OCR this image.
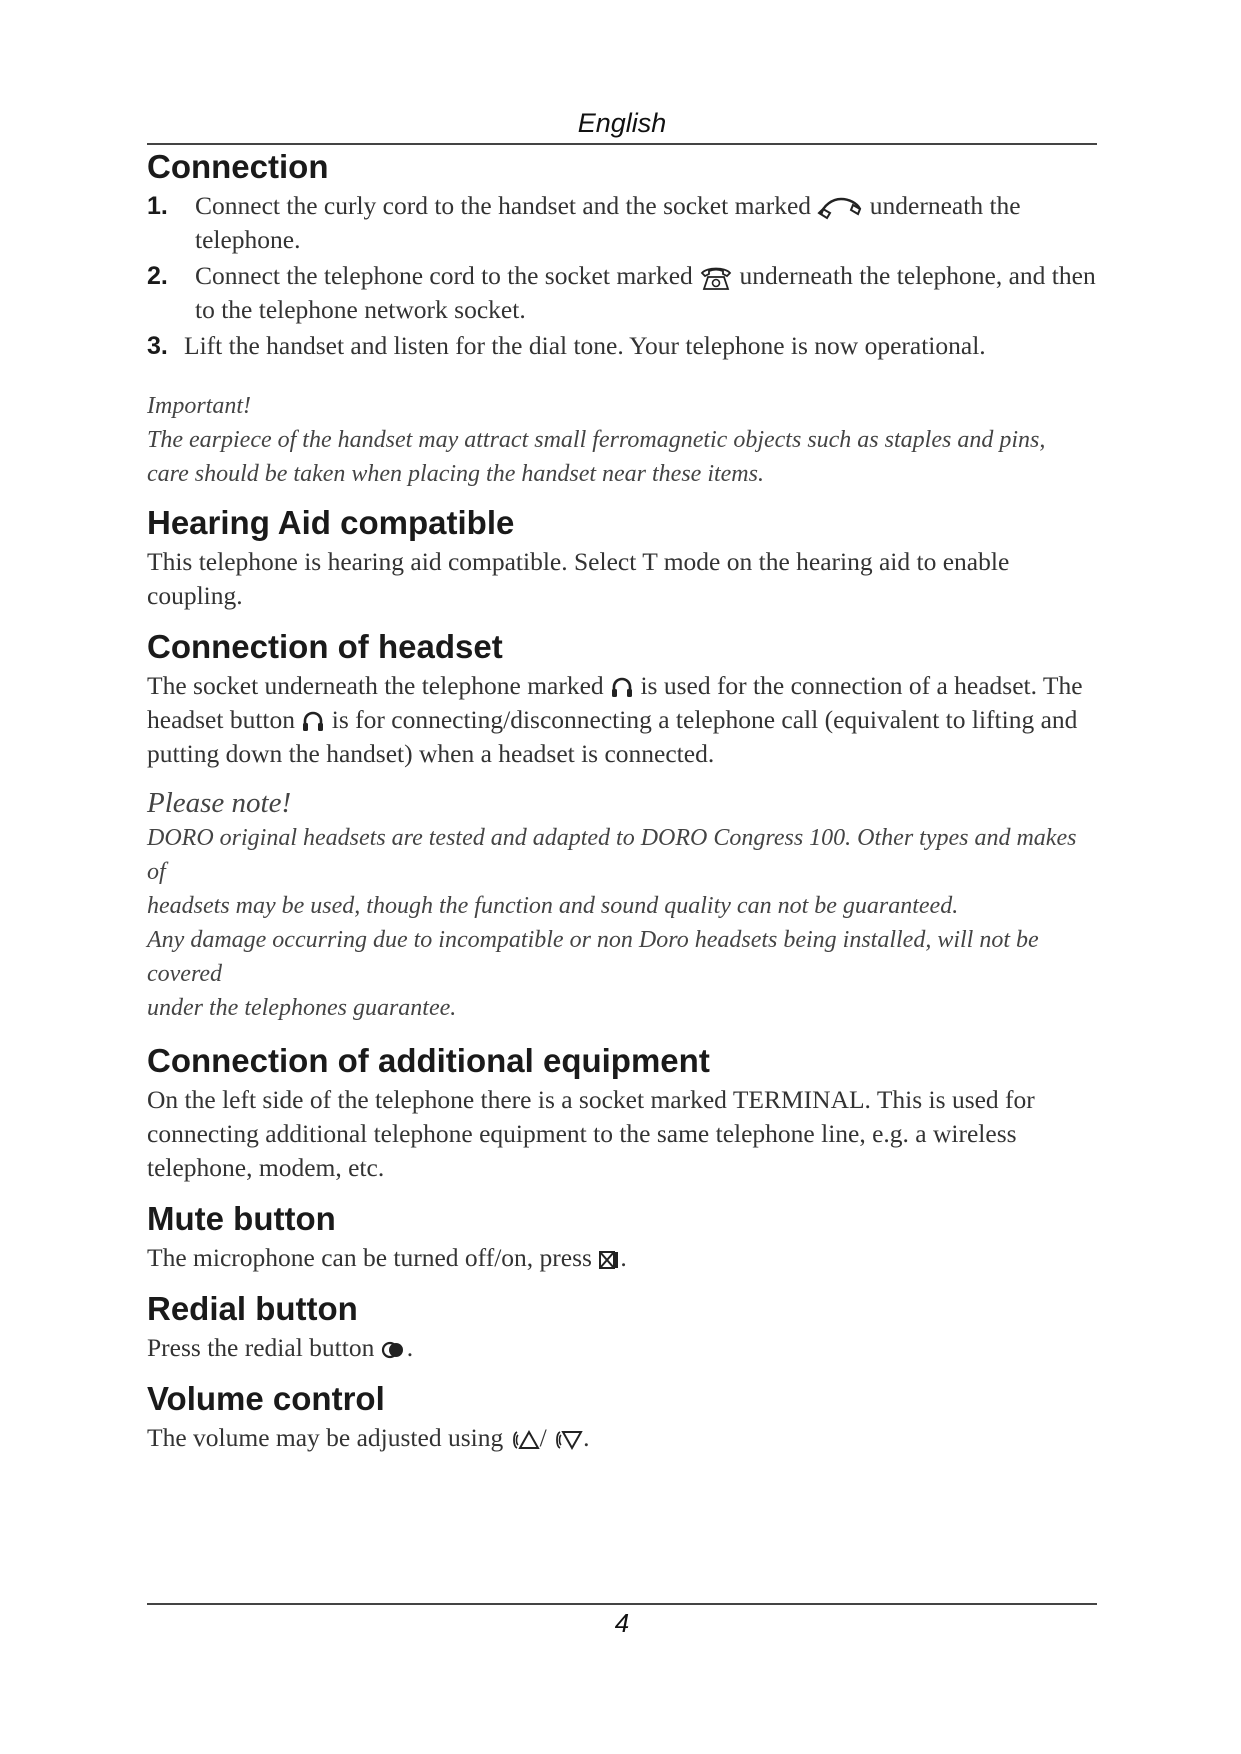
English
Connection
1. Connect the curly cord to the handset and the socket marked underneath the telephone.
2. Connect the telephone cord to the socket marked underneath the telephone, and then to the telephone network socket.
3. Lift the handset and listen for the dial tone. Your telephone is now operational.

Important!

The earpiece of the handset may attract small ferromagnetic objects such as staples and pins,

care should be taken when placing the handset near these items.

Hearing Aid compatible

This telephone is hearing aid compatible. Select T mode on the hearing aid to enable coupling.

Connection of headset

The socket underneath the telephone marked is used for the connection of a headset. The headset button is for connecting/disconnecting a telephone call (equivalent to lifting and putting down the handset) when a headset is connected.

Please note!

DORO original headsets are tested and adapted to DORO Congress 100. Other types and makes of

headsets may be used, though the function and sound quality can not be guaranteed.

Any damage occurring due to incompatible or non Doro headsets being installed, will not be covered

under the telephones guarantee.

Connection of additional equipment

On the left side of the telephone there is a socket marked TERMINAL. This is used for connecting additional telephone equipment to the same telephone line, e.g. a wireless telephone, modem, etc.

Mute button

The microphone can be turned off/on, press .

Redial button

Press the redial button .

Volume control

The volume may be adjusted using / .

4
